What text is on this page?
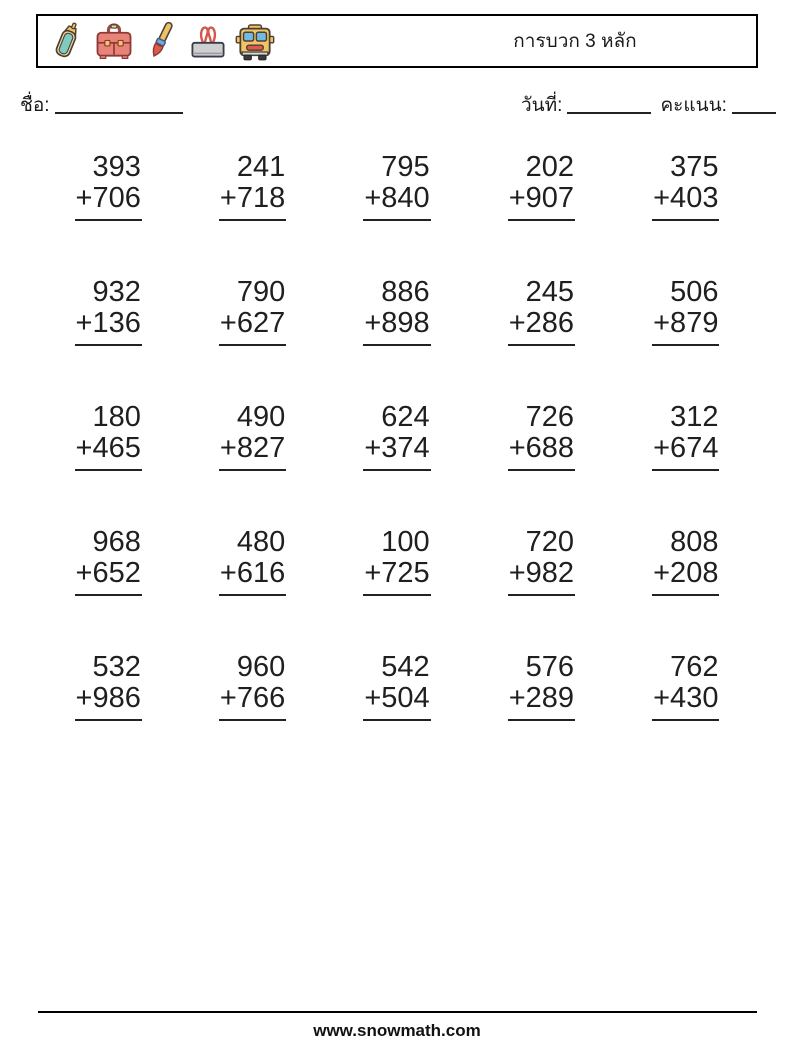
การบวก 3 หลัก
ชื่อ:	วันที่:	คะแนน:
393
+706
241
+718
795
+840
202
+907
375
+403
932
+136
790
+627
886
+898
245
+286
506
+879
180
+465
490
+827
624
+374
726
+688
312
+674
968
+652
480
+616
100
+725
720
+982
808
+208
532
+986
960
+766
542
+504
576
+289
762
+430
www.snowmath.com
